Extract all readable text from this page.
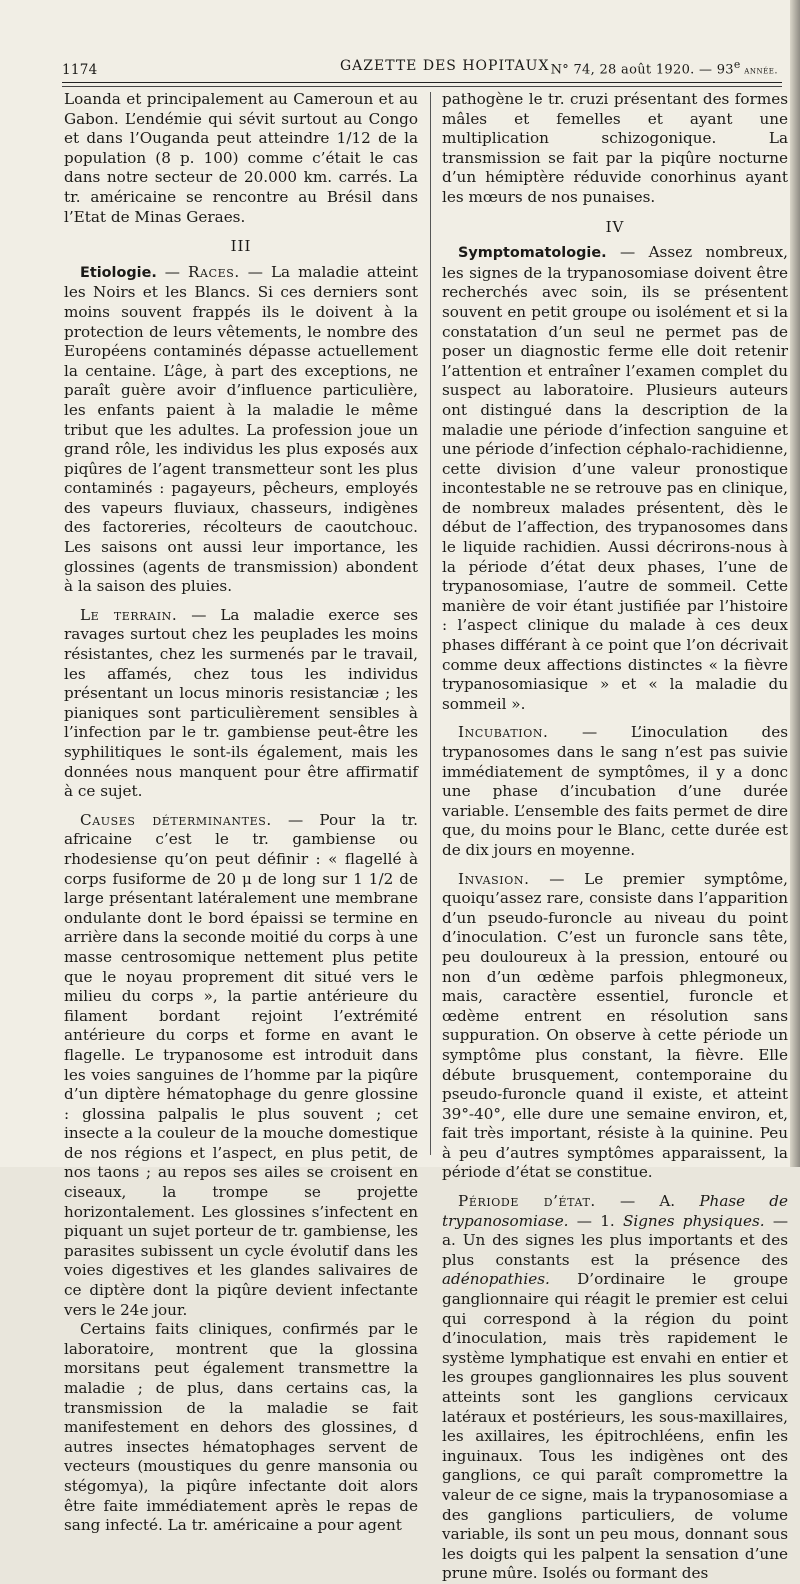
1174	GAZETTE DES HOPITAUX N° 74, 28 août 1920. — 93e année.

Loanda et principalement au Cameroun et au Gabon. L’endémie qui sévit surtout au Congo et dans l’Ouganda peut atteindre 1/12 de la population (8 p. 100) comme c’était le cas dans notre secteur de 20.000 km. carrés. La tr. américaine se rencontre au Brésil dans l’Etat de Minas Geraes.

III

Etiologie. — Races. — La maladie atteint les Noirs et les Blancs. Si ces derniers sont moins souvent frappés ils le doivent à la protection de leurs vêtements, le nombre des Européens contaminés dépasse actuellement la centaine. L’âge, à part des exceptions, ne paraît guère avoir d’influence particulière, les enfants paient à la maladie le même tribut que les adultes. La profession joue un grand rôle, les individus les plus exposés aux piqûres de l’agent transmetteur sont les plus contaminés : pagayeurs, pêcheurs, employés des vapeurs fluviaux, chasseurs, indigènes des factoreries, récolteurs de caoutchouc. Les saisons ont aussi leur importance, les glossines (agents de transmission) abondent à la saison des pluies.

Le terrain. — La maladie exerce ses ravages surtout chez les peuplades les moins résistantes, chez les surmenés par le travail, les affamés, chez tous les individus présentant un locus minoris resistanciæ ; les pianiques sont particulièrement sensibles à l’infection par le tr. gambiense peut-être les syphilitiques le sont-ils également, mais les données nous manquent pour être affirmatif à ce sujet.

Causes déterminantes. — Pour la tr. africaine c’est le tr. gambiense ou rhodesiense qu’on peut définir : « flagellé à corps fusiforme de 20 μ de long sur 1 1/2 de large présentant latéralement une membrane ondulante dont le bord épaissi se termine en arrière dans la seconde moitié du corps à une masse centrosomique nettement plus petite que le noyau proprement dit situé vers le milieu du corps », la partie antérieure du filament bordant rejoint l’extrémité antérieure du corps et forme en avant le flagelle. Le trypanosome est introduit dans les voies sanguines de l’homme par la piqûre d’un diptère hématophage du genre glossine : glossina palpalis le plus souvent ; cet insecte a la couleur de la mouche domestique de nos régions et l’aspect, en plus petit, de nos taons ; au repos ses ailes se croisent en ciseaux, la trompe se projette horizontalement. Les glossines s’infectent en piquant un sujet porteur de tr. gambiense, les parasites subissent un cycle évolutif dans les voies digestives et les glandes salivaires de ce diptère dont la piqûre devient infectante vers le 24e jour.

Certains faits cliniques, confirmés par le laboratoire, montrent que la glossina morsitans peut également transmettre la maladie ; de plus, dans certains cas, la transmission de la maladie se fait manifestement en dehors des glossines, d autres insectes hématophages servent de vecteurs (moustiques du genre mansonia ou stégomya), la piqûre infectante doit alors être faite immédiatement après le repas de sang infecté. La tr. américaine a pour agent

pathogène le tr. cruzi présentant des formes mâles et femelles et ayant une multiplication schizogonique. La transmission se fait par la piqûre nocturne d’un hémiptère réduvide conorhinus ayant les mœurs de nos punaises.

IV

Symptomatologie. — Assez nombreux, les signes de la trypanosomiase doivent être recherchés avec soin, ils se présentent souvent en petit groupe ou isolément et si la constatation d’un seul ne permet pas de poser un diagnostic ferme elle doit retenir l’attention et entraîner l’examen complet du suspect au laboratoire. Plusieurs auteurs ont distingué dans la description de la maladie une période d’infection sanguine et une période d’infection céphalo-rachidienne, cette division d’une valeur pronostique incontestable ne se retrouve pas en clinique, de nombreux malades présentent, dès le début de l’affection, des trypanosomes dans le liquide rachidien. Aussi décrirons-nous à la période d’état deux phases, l’une de trypanosomiase, l’autre de sommeil. Cette manière de voir étant justifiée par l’histoire : l’aspect clinique du malade à ces deux phases différant à ce point que l’on décrivait comme deux affections distinctes « la fièvre trypanosomiasique » et « la maladie du sommeil ».

Incubation. — L’inoculation des trypanosomes dans le sang n’est pas suivie immédiatement de symptômes, il y a donc une phase d’incubation d’une durée variable. L’ensemble des faits permet de dire que, du moins pour le Blanc, cette durée est de dix jours en moyenne.

Invasion. — Le premier symptôme, quoiqu’assez rare, consiste dans l’apparition d’un pseudo-furoncle au niveau du point d’inoculation. C’est un furoncle sans tête, peu douloureux à la pression, entouré ou non d’un œdème parfois phlegmoneux, mais, caractère essentiel, furoncle et œdème entrent en résolution sans suppuration. On observe à cette période un symptôme plus constant, la fièvre. Elle débute brusquement, contemporaine du pseudo-furoncle quand il existe, et atteint 39°-40°, elle dure une semaine environ, et, fait très important, résiste à la quinine. Peu à peu d’autres symptômes apparaissent, la période d’état se constitue.

Période d’état. — A. Phase de trypanosomiase. — 1. Signes physiques. — a. Un des signes les plus importants et des plus constants est la présence des adénopathies. D’ordinaire le groupe ganglionnaire qui réagit le premier est celui qui correspond à la région du point d’inoculation, mais très rapidement le système lymphatique est envahi en entier et les groupes ganglionnaires les plus souvent atteints sont les ganglions cervicaux latéraux et postérieurs, les sous-maxillaires, les axillaires, les épitrochléens, enfin les inguinaux. Tous les indigènes ont des ganglions, ce qui paraît compromettre la valeur de ce signe, mais la trypanosomiase a des ganglions particuliers, de volume variable, ils sont un peu mous, donnant sous les doigts qui les palpent la sensation d’une prune mûre. Isolés ou formant des
